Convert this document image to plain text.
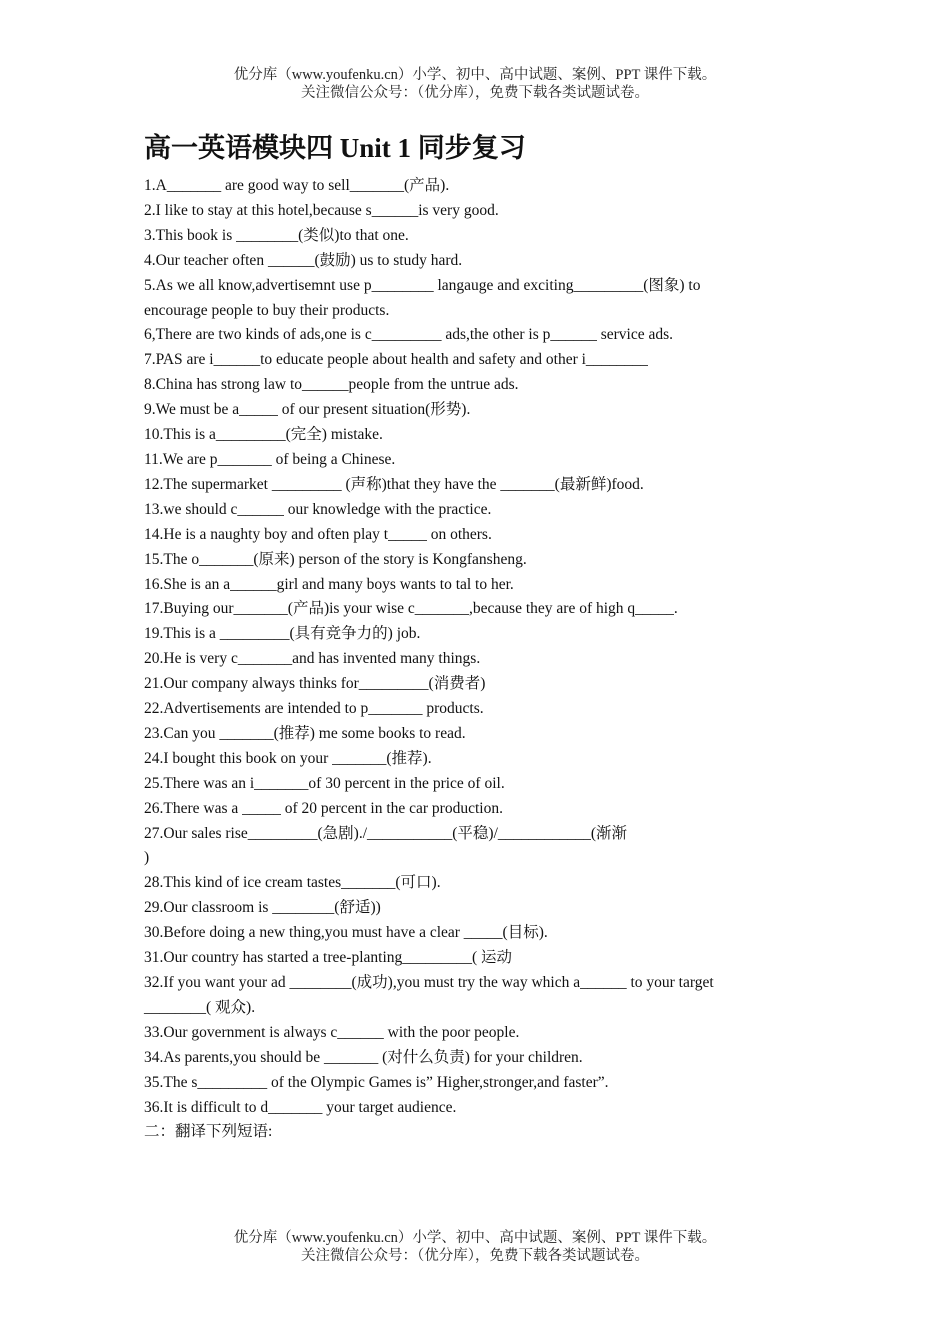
优分库（www.youfenku.cn）小学、初中、高中试题、案例、PPT 课件下载。
关注微信公众号：（优分库），免费下载各类试题试卷。
高一英语模块四 Unit 1 同步复习
1.A_______ are good way to sell_______(产品).
2.I like to stay at this hotel,because s______is very good.
3.This book is ________(类似)to that one.
4.Our teacher often ______(鼓励) us to study hard.
5.As we all know,advertisemnt use p________ langauge and exciting_________(图象) to
encourage people to buy their products.
6,There are two kinds of ads,one is c_________ ads,the other is p______ service ads.
7.PAS are i______to educate people about health and safety and other i________
8.China has strong law to______people from the untrue ads.
9.We must be a_____ of our present situation(形势).
10.This is a_________(完全) mistake.
11.We are p_______ of being a Chinese.
12.The supermarket _________ (声称)that they have the _______(最新鲜)food.
13.we should c______ our knowledge with the practice.
14.He is a naughty boy and often play t_____ on others.
15.The o_______(原来) person of the story is Kongfansheng.
16.She is an a______girl and many boys wants to tal to her.
17.Buying our_______(产品)is your wise c_______,because they are of high q_____.
19.This is a _________(具有竞争力的) job.
20.He is very c_______and has invented many things.
21.Our company always thinks for_________(消费者)
22.Advertisements are intended to p_______ products.
23.Can you _______(推荐) me some books to read.
24.I bought this book on your _______(推荐).
25.There was an i_______of 30 percent in the price of oil.
26.There was a _____ of 20 percent in the car production.
27.Our sales rise_________(急剧)./___________(平稳)/____________(渐渐
)
28.This kind of ice cream tastes_______(可口).
29.Our classroom is ________(舒适))
30.Before doing a new thing,you must have a clear _____(目标).
31.Our country has started a tree-planting_________( 运动
32.If you want your ad ________(成功),you must try the way which a______ to your target
________( 观众).
33.Our government is always c______ with the poor people.
34.As parents,you should be _______ (对什么负责) for your children.
35.The s_________ of the Olympic Games is” Higher,stronger,and faster”.
36.It is difficult to d_______ your target audience.
二：翻译下列短语:
优分库（www.youfenku.cn）小学、初中、高中试题、案例、PPT 课件下载。
关注微信公众号：（优分库），免费下载各类试题试卷。
